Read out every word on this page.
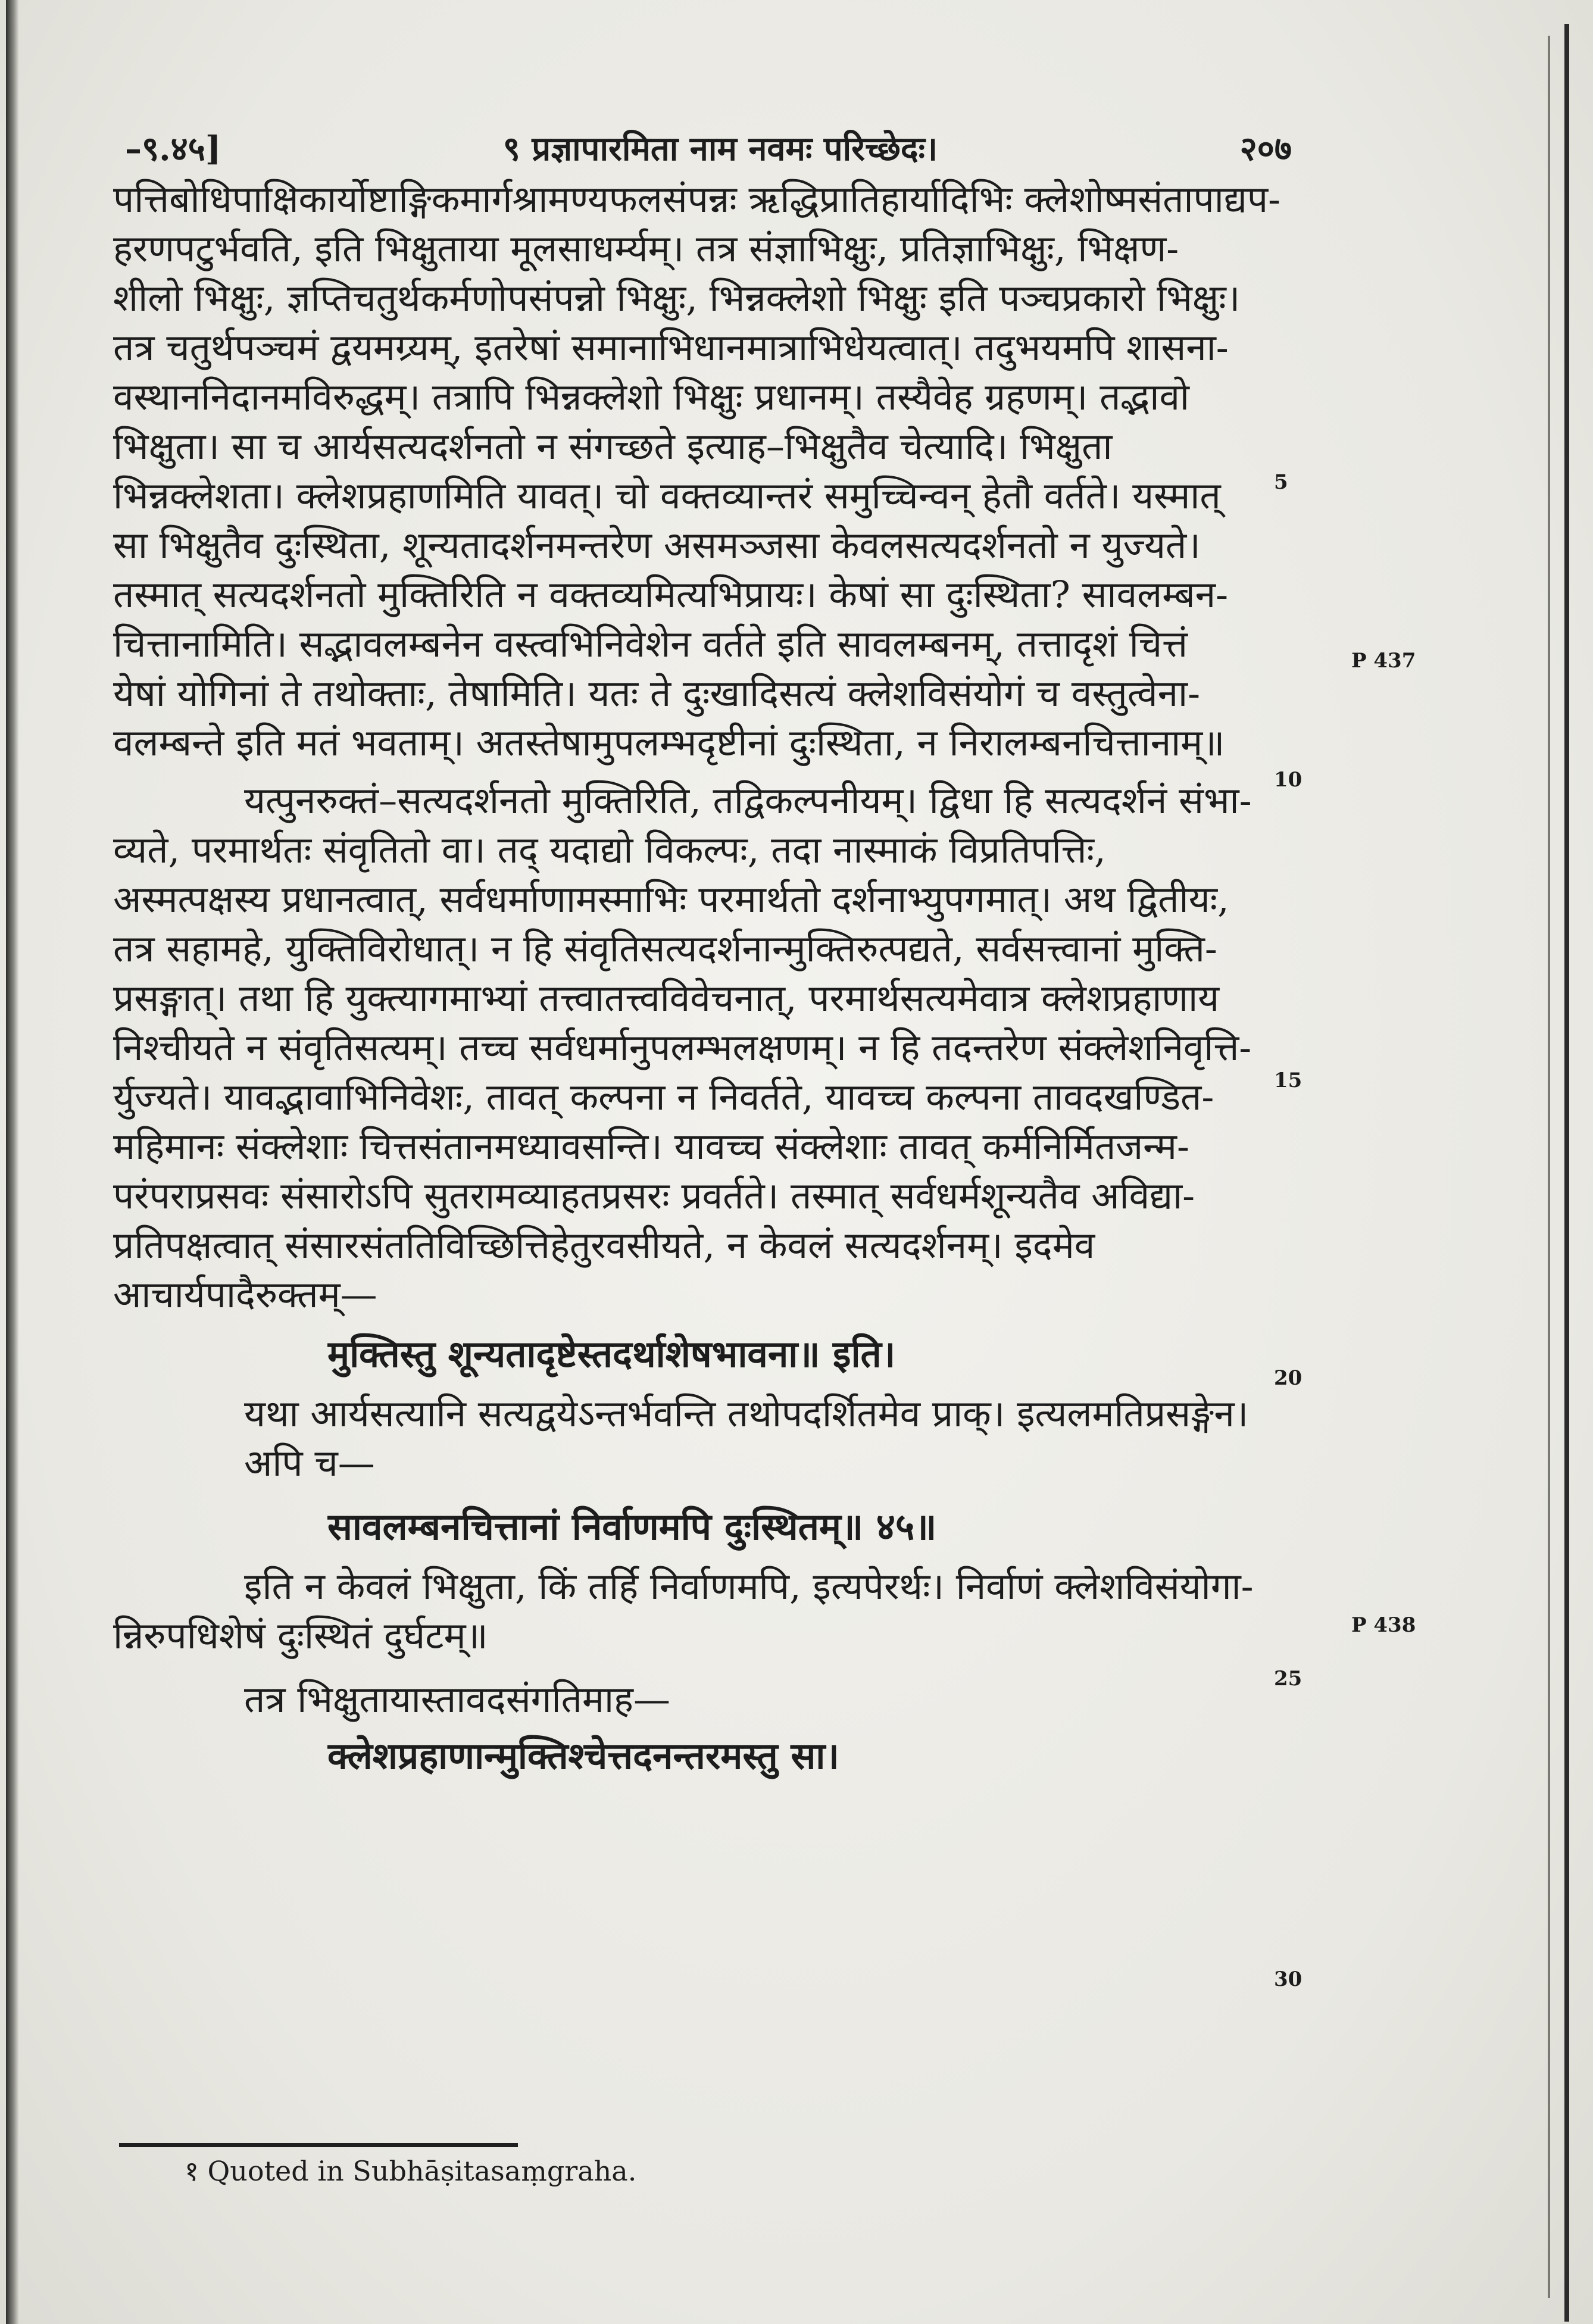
–९.४५]	९ प्रज्ञापारमिता नाम नवमः परिच्छेदः।	२०७
पत्तिबोधिपाक्षिकार्योष्टाङ्गिकमार्गश्रामण्यफलसंपन्नः ऋद्धिप्रातिहार्यादिभिः क्लेशोष्मसंतापाद्यप-
हरणपटुर्भवति, इति भिक्षुताया मूलसाधर्म्यम्। तत्र संज्ञाभिक्षुः, प्रतिज्ञाभिक्षुः, भिक्षण-
शीलो भिक्षुः, ज्ञप्तिचतुर्थकर्मणोपसंपन्नो भिक्षुः, भिन्नक्लेशो भिक्षुः इति पञ्चप्रकारो भिक्षुः।
तत्र चतुर्थपञ्चमं द्वयमग्र्यम्, इतरेषां समानाभिधानमात्राभिधेयत्वात्। तदुभयमपि शासना-
वस्थाननिदानमविरुद्धम्। तत्रापि भिन्नक्लेशो भिक्षुः प्रधानम्। तस्यैवेह ग्रहणम्। तद्भावो
भिक्षुता। सा च आर्यसत्यदर्शनतो न संगच्छते इत्याह–भिक्षुतैव चेत्यादि। भिक्षुता
भिन्नक्लेशता। क्लेशप्रहाणमिति यावत्। चो वक्तव्यान्तरं समुच्चिन्वन् हेतौ वर्तते। यस्मात्
सा भिक्षुतैव दुःस्थिता, शून्यतादर्शनमन्तरेण असमञ्जसा केवलसत्यदर्शनतो न युज्यते।
तस्मात् सत्यदर्शनतो मुक्तिरिति न वक्तव्यमित्यभिप्रायः। केषां सा दुःस्थिता? सावलम्बन-
चित्तानामिति। सद्भावलम्बनेन वस्त्वभिनिवेशेन वर्तते इति सावलम्बनम्, तत्तादृशं चित्तं
येषां योगिनां ते तथोक्ताः, तेषामिति। यतः ते दुःखादिसत्यं क्लेशविसंयोगं च वस्तुत्वेना-
वलम्बन्ते इति मतं भवताम्। अतस्तेषामुपलम्भदृष्टीनां दुःस्थिता, न निरालम्बनचित्तानाम्॥
यत्पुनरुक्तं–सत्यदर्शनतो मुक्तिरिति, तद्विकल्पनीयम्। द्विधा हि सत्यदर्शनं संभा-
व्यते, परमार्थतः संवृतितो वा। तद् यदाद्यो विकल्पः, तदा नास्माकं विप्रतिपत्तिः,
अस्मत्पक्षस्य प्रधानत्वात्, सर्वधर्माणामस्माभिः परमार्थतो दर्शनाभ्युपगमात्। अथ द्वितीयः,
तत्र सहामहे, युक्तिविरोधात्। न हि संवृतिसत्यदर्शनान्मुक्तिरुत्पद्यते, सर्वसत्त्वानां मुक्ति-
प्रसङ्गात्। तथा हि युक्त्यागमाभ्यां तत्त्वातत्त्वविवेचनात्, परमार्थसत्यमेवात्र क्लेशप्रहाणाय
निश्चीयते न संवृतिसत्यम्। तच्च सर्वधर्मानुपलम्भलक्षणम्। न हि तदन्तरेण संक्लेशनिवृत्ति-
र्युज्यते। यावद्भावाभिनिवेशः, तावत् कल्पना न निवर्तते, यावच्च कल्पना तावदखण्डित-
महिमानः संक्लेशाः चित्तसंतानमध्यावसन्ति। यावच्च संक्लेशाः तावत् कर्मनिर्मितजन्म-
परंपराप्रसवः संसारोऽपि सुतरामव्याहतप्रसरः प्रवर्तते। तस्मात् सर्वधर्मशून्यतैव अविद्या-
प्रतिपक्षत्वात् संसारसंततिविच्छित्तिहेतुरवसीयते, न केवलं सत्यदर्शनम्। इदमेव
आचार्यपादैरुक्तम्—
मुक्तिस्तु शून्यतादृष्टेस्तदर्थाशेषभावना॥ इति।
यथा आर्यसत्यानि सत्यद्वयेऽन्तर्भवन्ति तथोपदर्शितमेव प्राक्। इत्यलमतिप्रसङ्गेन।
अपि च—
सावलम्बनचित्तानां निर्वाणमपि दुःस्थितम्॥ ४५॥
इति न केवलं भिक्षुता, किं तर्हि निर्वाणमपि, इत्यपेरर्थः। निर्वाणं क्लेशविसंयोगा-
न्निरुपधिशेषं दुःस्थितं दुर्घटम्॥
तत्र भिक्षुतायास्तावदसंगतिमाह—
क्लेशप्रहाणान्मुक्तिश्चेत्तदनन्तरमस्तु सा।
5
10
15
20
25
30
P 437
P 438
१ Quoted in Subhāṣitasaṃgraha.
